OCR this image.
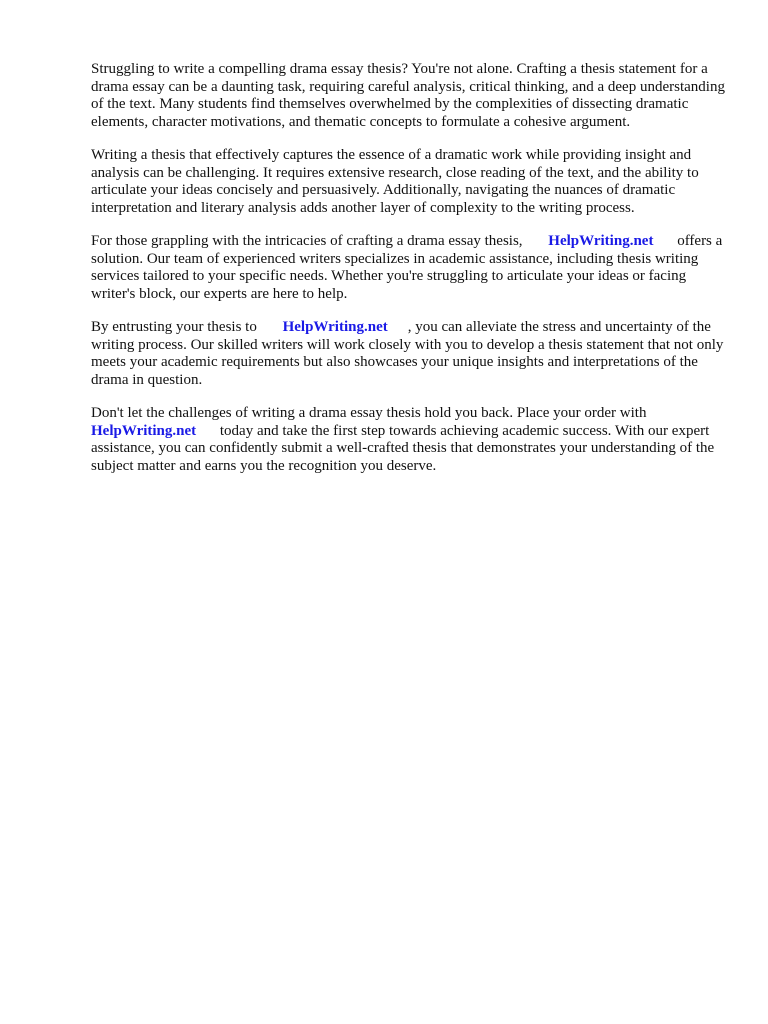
Struggling to write a compelling drama essay thesis? You're not alone. Crafting a thesis statement for a drama essay can be a daunting task, requiring careful analysis, critical thinking, and a deep understanding of the text. Many students find themselves overwhelmed by the complexities of dissecting dramatic elements, character motivations, and thematic concepts to formulate a cohesive argument.

Writing a thesis that effectively captures the essence of a dramatic work while providing insight and analysis can be challenging. It requires extensive research, close reading of the text, and the ability to articulate your ideas concisely and persuasively. Additionally, navigating the nuances of dramatic interpretation and literary analysis adds another layer of complexity to the writing process.

For those grappling with the intricacies of crafting a drama essay thesis, HelpWriting.net offers a solution. Our team of experienced writers specializes in academic assistance, including thesis writing services tailored to your specific needs. Whether you're struggling to articulate your ideas or facing writer's block, our experts are here to help.

By entrusting your thesis to HelpWriting.net , you can alleviate the stress and uncertainty of the writing process. Our skilled writers will work closely with you to develop a thesis statement that not only meets your academic requirements but also showcases your unique insights and interpretations of the drama in question.

Don't let the challenges of writing a drama essay thesis hold you back. Place your order with HelpWriting.net today and take the first step towards achieving academic success. With our expert assistance, you can confidently submit a well-crafted thesis that demonstrates your understanding of the subject matter and earns you the recognition you deserve.
